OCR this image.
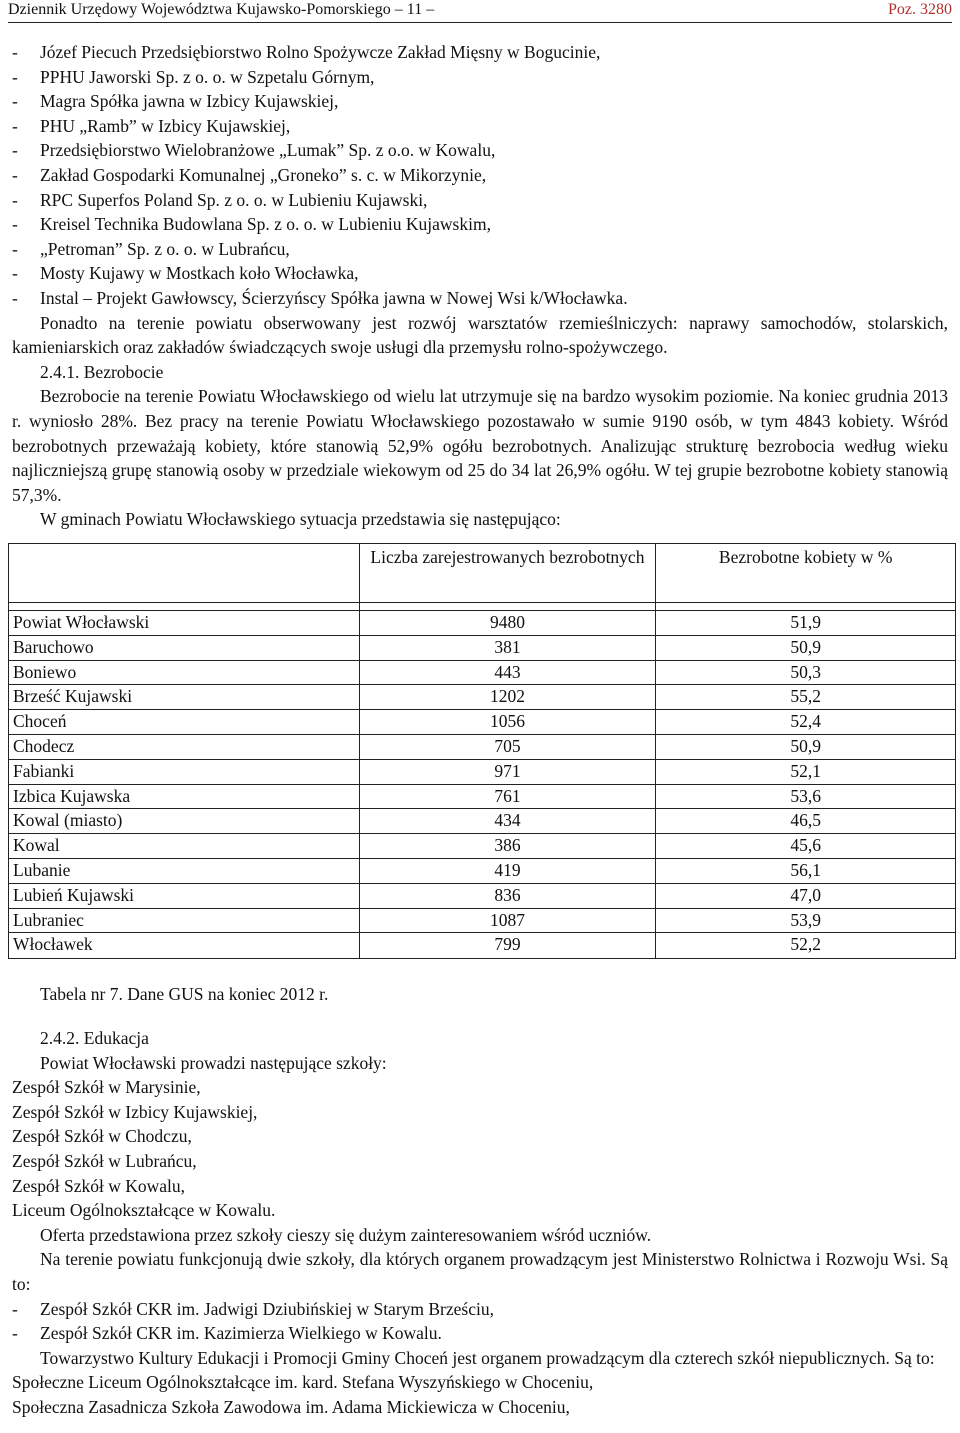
Dziennik Urzędowy Województwa Kujawsko-Pomorskiego – 11 –	Poz. 3280
- Józef Piecuch Przedsiębiorstwo Rolno Spożywcze Zakład Mięsny w Bogucinie,
- PPHU Jaworski Sp. z o. o. w Szpetalu Górnym,
- Magra Spółka jawna w Izbicy Kujawskiej,
- PHU „Ramb” w Izbicy Kujawskiej,
- Przedsiębiorstwo Wielobranżowe „Lumak” Sp. z o.o. w Kowalu,
- Zakład Gospodarki Komunalnej „Groneko” s. c. w Mikorzynie,
- RPC Superfos Poland Sp. z o. o. w Lubieniu Kujawski,
- Kreisel Technika Budowlana Sp. z o. o. w Lubieniu Kujawskim,
- „Petroman” Sp. z o. o. w Lubrańcu,
- Mosty Kujawy w Mostkach koło Włocławka,
- Instal – Projekt Gawłowscy, Ścierzyńscy Spółka jawna w Nowej Wsi k/Włocławka.
Ponadto na terenie powiatu obserwowany jest rozwój warsztatów rzemieślniczych: naprawy samochodów, stolarskich, kamieniarskich oraz zakładów świadczących swoje usługi dla przemysłu rolno-spożywczego.
2.4.1. Bezrobocie
Bezrobocie na terenie Powiatu Włocławskiego od wielu lat utrzymuje się na bardzo wysokim poziomie. Na koniec grudnia 2013 r. wyniosło 28%. Bez pracy na terenie Powiatu Włocławskiego pozostawało w sumie 9190 osób, w tym 4843 kobiety. Wśród bezrobotnych przeważają kobiety, które stanowią 52,9% ogółu bezrobotnych. Analizując strukturę bezrobocia według wieku najliczniejszą grupę stanowią osoby w przedziale wiekowym od 25 do 34 lat 26,9% ogółu. W tej grupie bezrobotne kobiety stanowią 57,3%.
W gminach Powiatu Włocławskiego sytuacja przedstawia się następująco:
	Liczba zarejestrowanych bezrobotnych	Bezrobotne kobiety w %

Powiat Włocławski	9480	51,9
Baruchowo	381	50,9
Boniewo	443	50,3
Brześć Kujawski	1202	55,2
Choceń	1056	52,4
Chodecz	705	50,9
Fabianki	971	52,1
Izbica Kujawska	761	53,6
Kowal (miasto)	434	46,5
Kowal	386	45,6
Lubanie	419	56,1
Lubień Kujawski	836	47,0
Lubraniec	1087	53,9
Włocławek	799	52,2
Tabela nr 7. Dane GUS na koniec 2012 r.
2.4.2. Edukacja
Powiat Włocławski prowadzi następujące szkoły:
Zespół Szkół w Marysinie,
Zespół Szkół w Izbicy Kujawskiej,
Zespół Szkół w Chodczu,
Zespół Szkół w Lubrańcu,
Zespół Szkół w Kowalu,
Liceum Ogólnokształcące w Kowalu.
Oferta przedstawiona przez szkoły cieszy się dużym zainteresowaniem wśród uczniów.
Na terenie powiatu funkcjonują dwie szkoły, dla których organem prowadzącym jest Ministerstwo Rolnictwa i Rozwoju Wsi. Są to:
- Zespół Szkół CKR im. Jadwigi Dziubińskiej w Starym Brześciu,
- Zespół Szkół CKR im. Kazimierza Wielkiego w Kowalu.
Towarzystwo Kultury Edukacji i Promocji Gminy Choceń jest organem prowadzącym dla czterech szkół niepublicznych. Są to:
Społeczne Liceum Ogólnokształcące im. kard. Stefana Wyszyńskiego w Choceniu,
Społeczna Zasadnicza Szkoła Zawodowa im. Adama Mickiewicza w Choceniu,
